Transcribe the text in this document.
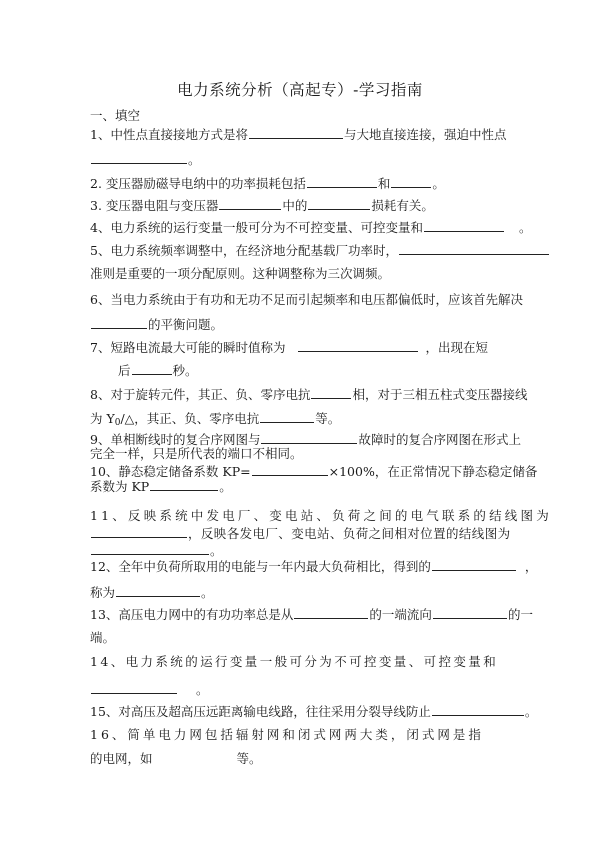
电力系统分析（高起专）-学习指南
一、填空
1、中性点直接接地方式是将	与大地直接连接，强迫中性点
。
2. 变压器励磁导电纳中的功率损耗包括	和	。
3. 变压器电阻与变压器	中的	损耗有关。
4、电力系统的运行变量一般可分为不可控变量、可控变量和	。
5、电力系统频率调整中，在经济地分配基载厂功率时，
准则是重要的一项分配原则。这种调整称为三次调频。
6、当电力系统由于有功和无功不足而引起频率和电压都偏低时，应该首先解决
的平衡问题。
7、短路电流最大可能的瞬时值称为	，出现在短
后	秒。
8、对于旋转元件，其正、负、零序电抗	相，对于三相五柱式变压器接线
为 $Y_0/\triangle$，其正、负、零序电抗	等。
9、单相断线时的复合序网图与	故障时的复合序网图在形式上
完全一样，只是所代表的端口不相同。
10、静态稳定储备系数 KP=	×100%，在正常情况下静态稳定储备
系数为 KP	。
11、反映系统中发电厂、变电站、负荷之间的电气联系的结线图为
，反映各发电厂、变电站、负荷之间相对位置的结线图为
。
12、全年中负荷所取用的电能与一年内最大负荷相比，得到的	，
称为	。
13、高压电力网中的有功功率总是从	的一端流向	的一
端。
14、电力系统的运行变量一般可分为不可控变量、可控变量和
。
15、对高压及超高压远距离输电线路，往往采用分裂导线防止	。
16、简单电力网包括辐射网和闭式网两大类，闭式网是指
的电网，如	等。
